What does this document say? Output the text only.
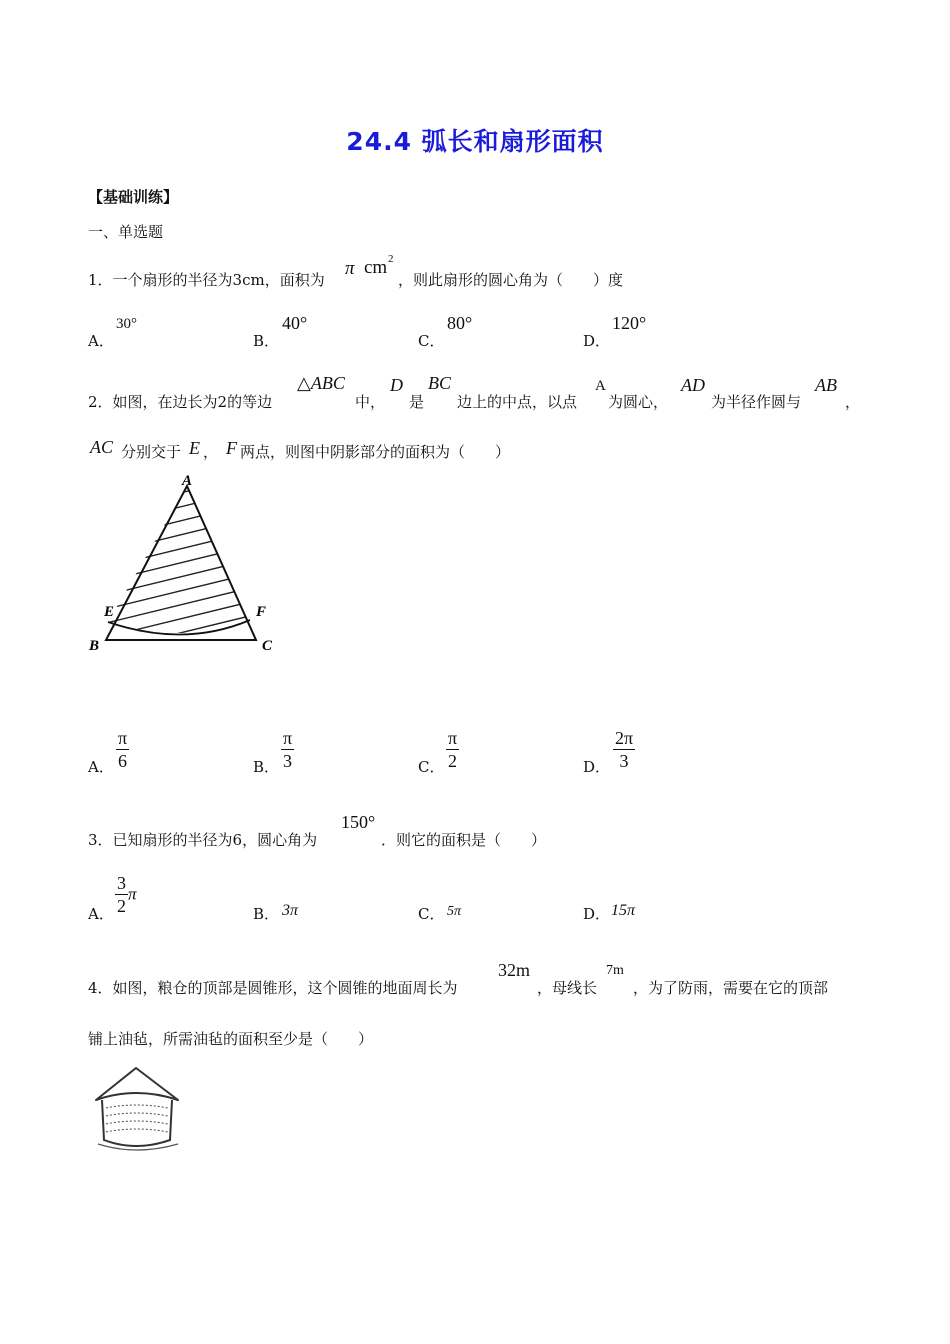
24.4 弧长和扇形面积
【基础训练】
一、单选题
1．一个扇形的半径为3cm，面积为
π cm 2
，则此扇形的圆心角为（　　）度
A．
30°
B．
40°
C．
80°
D．
120°
2．如图，在边长为2的等边
△ABC
中，
D
是
BC
边上的中点，以点
A
为圆心，
AD
为半径作圆与
AB
，
AC 分别交于 E ， F 两点，则图中阴影部分的面积为（　　）
A
E	F
B	C
A． $\frac{\pi}{6}$	B． $\frac{\pi}{3}$	C． $\frac{\pi}{2}$	D． $\frac{2\pi}{3}$
3．已知扇形的半径为6，圆心角为
150°
．则它的面积是（　　）
A． $\frac{3}{2}$ π
B． 3π	C． 5π	D． 15π
4．如图，粮仓的顶部是圆锥形，这个圆锥的地面周长为
32m
，母线长
7m
，为了防雨，需要在它的顶部
铺上油毡，所需油毡的面积至少是（　　）
